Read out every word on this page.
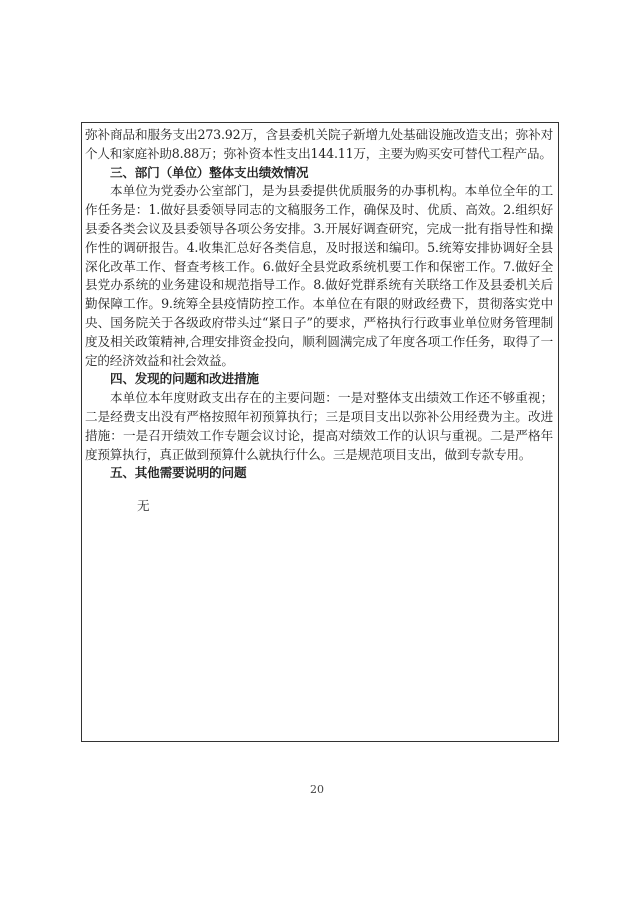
弥补商品和服务支出273.92万，含县委机关院子新增九处基础设施改造支出；弥补对个人和家庭补助8.88万；弥补资本性支出144.11万，主要为购买安可替代工程产品。

三、部门（单位）整体支出绩效情况

本单位为党委办公室部门，是为县委提供优质服务的办事机构。本单位全年的工作任务是：1.做好县委领导同志的文稿服务工作，确保及时、优质、高效。2.组织好县委各类会议及县委领导各项公务安排。3.开展好调查研究，完成一批有指导性和操作性的调研报告。4.收集汇总好各类信息，及时报送和编印。5.统筹安排协调好全县深化改革工作、督查考核工作。6.做好全县党政系统机要工作和保密工作。7.做好全县党办系统的业务建设和规范指导工作。8.做好党群系统有关联络工作及县委机关后勤保障工作。9.统筹全县疫情防控工作。本单位在有限的财政经费下，贯彻落实党中央、国务院关于各级政府带头过“紧日子”的要求，严格执行行政事业单位财务管理制度及相关政策精神,合理安排资金投向，顺利圆满完成了年度各项工作任务，取得了一定的经济效益和社会效益。

四、发现的问题和改进措施

本单位本年度财政支出存在的主要问题：一是对整体支出绩效工作还不够重视；二是经费支出没有严格按照年初预算执行；三是项目支出以弥补公用经费为主。改进措施：一是召开绩效工作专题会议讨论，提高对绩效工作的认识与重视。二是严格年度预算执行，真正做到预算什么就执行什么。三是规范项目支出，做到专款专用。

五、其他需要说明的问题

无

20
